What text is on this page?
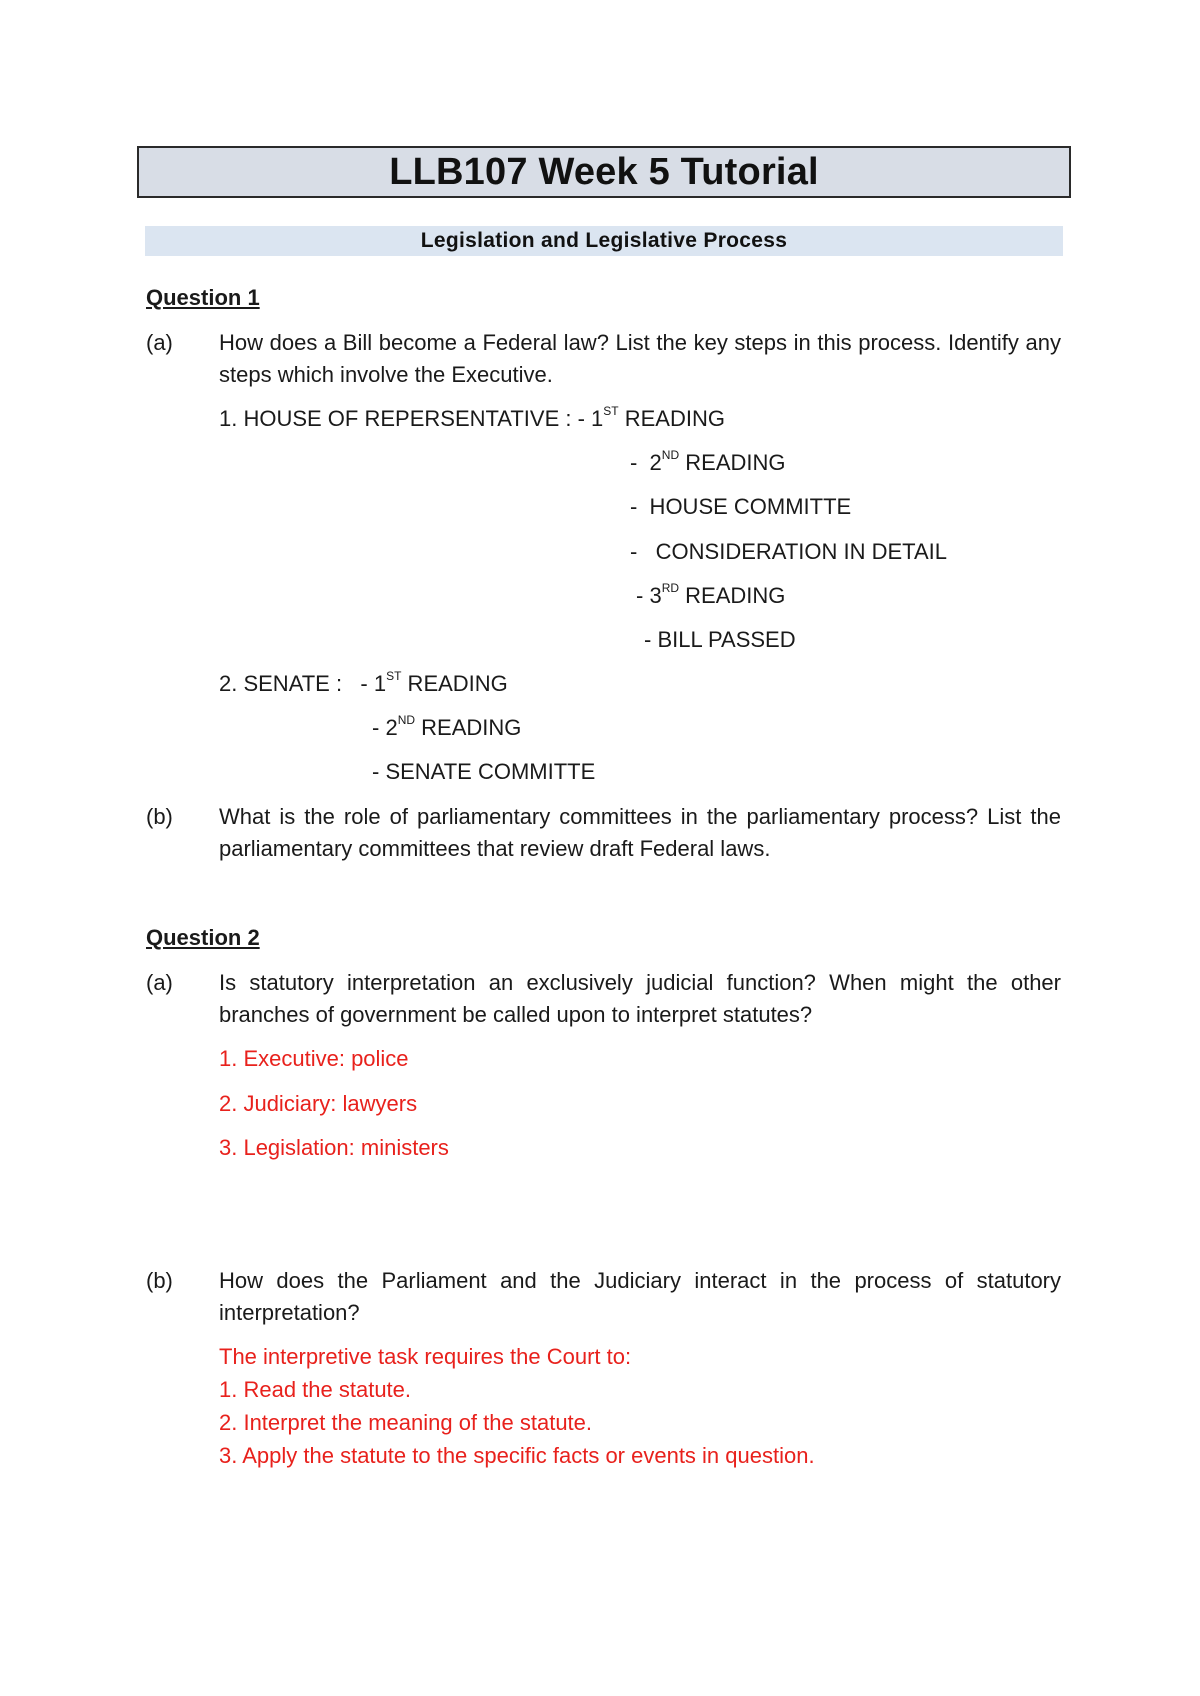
LLB107 Week 5 Tutorial
Legislation and Legislative Process
Question 1
(a) How does a Bill become a Federal law? List the key steps in this process. Identify any steps which involve the Executive.
1. HOUSE OF REPERSENTATIVE : - 1ST READING
-  2ND READING
-  HOUSE COMMITTE
-   CONSIDERATION IN DETAIL
- 3RD READING
- BILL PASSED
2. SENATE :   - 1ST READING
- 2ND READING
- SENATE COMMITTE
(b) What is the role of parliamentary committees in the parliamentary process? List the parliamentary committees that review draft Federal laws.
Question 2
(a) Is statutory interpretation an exclusively judicial function? When might the other branches of government be called upon to interpret statutes?
1. Executive: police
2. Judiciary: lawyers
3. Legislation: ministers
(b) How does the Parliament and the Judiciary interact in the process of statutory interpretation?
The interpretive task requires the Court to:
1. Read the statute.
2. Interpret the meaning of the statute.
3. Apply the statute to the specific facts or events in question.
